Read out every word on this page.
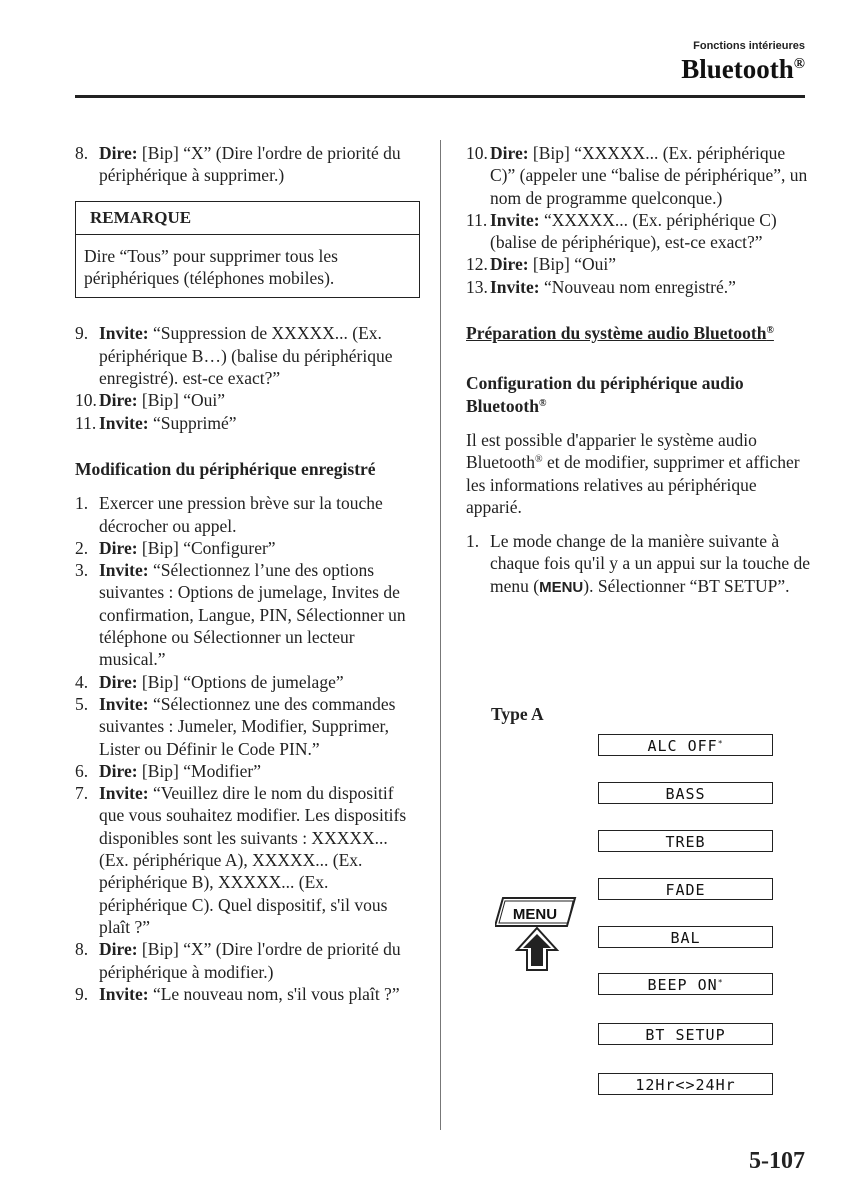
Fonctions intérieures
Bluetooth®
8. Dire: [Bip] “X” (Dire l'ordre de priorité du périphérique à supprimer.)
REMARQUE
Dire “Tous” pour supprimer tous les périphériques (téléphones mobiles).
9. Invite: “Suppression de XXXXX... (Ex. périphérique B…) (balise du périphérique enregistré). est-ce exact?”
10. Dire: [Bip] “Oui”
11. Invite: “Supprimé”
Modification du périphérique enregistré
1. Exercer une pression brève sur la touche décrocher ou appel.
2. Dire: [Bip] “Configurer”
3. Invite: “Sélectionnez l’une des options suivantes : Options de jumelage, Invites de confirmation, Langue, PIN, Sélectionner un téléphone ou Sélectionner un lecteur musical.”
4. Dire: [Bip] “Options de jumelage”
5. Invite: “Sélectionnez une des commandes suivantes : Jumeler, Modifier, Supprimer, Lister ou Définir le Code PIN.”
6. Dire: [Bip] “Modifier”
7. Invite: “Veuillez dire le nom du dispositif que vous souhaitez modifier. Les dispositifs disponibles sont les suivants : XXXXX... (Ex. périphérique A), XXXXX... (Ex. périphérique B), XXXXX... (Ex. périphérique C). Quel dispositif, s'il vous plaît ?”
8. Dire: [Bip] “X” (Dire l'ordre de priorité du périphérique à modifier.)
9. Invite: “Le nouveau nom, s'il vous plaît ?”
10. Dire: [Bip] “XXXXX... (Ex. périphérique C)” (appeler une “balise de périphérique”, un nom de programme quelconque.)
11. Invite: “XXXXX... (Ex. périphérique C) (balise de périphérique), est-ce exact?”
12. Dire: [Bip] “Oui”
13. Invite: “Nouveau nom enregistré.”
Préparation du système audio Bluetooth®
Configuration du périphérique audio Bluetooth®
Il est possible d'apparier le système audio Bluetooth® et de modifier, supprimer et afficher les informations relatives au périphérique apparié.
1. Le mode change de la manière suivante à chaque fois qu'il y a un appui sur la touche de menu (MENU). Sélectionner “BT SETUP”.
Type A
ALC OFF*
BASS
TREB
FADE
BAL
BEEP ON*
BT SETUP
12Hr<>24Hr
MENU
5-107
